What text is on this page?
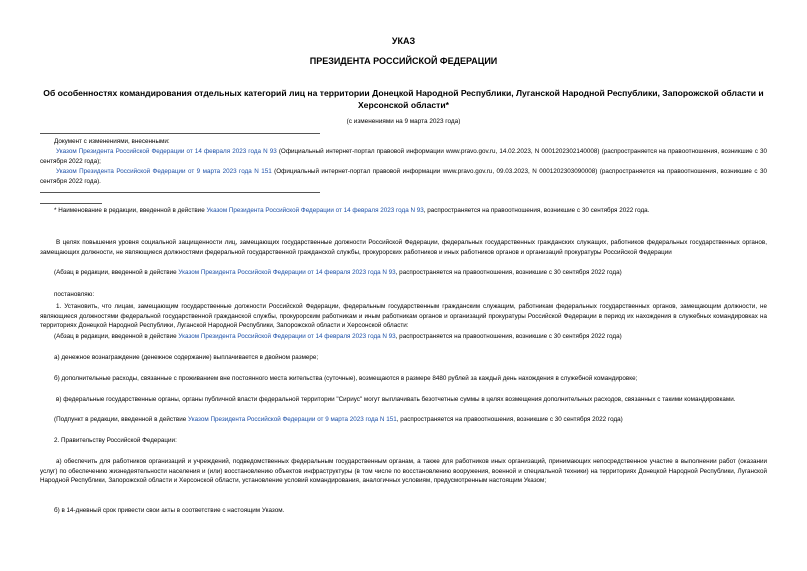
УКАЗ
ПРЕЗИДЕНТА РОССИЙСКОЙ ФЕДЕРАЦИИ
Об особенностях командирования отдельных категорий лиц на территории Донецкой Народной Республики, Луганской Народной Республики, Запорожской области и Херсонской области*
(с изменениями на 9 марта 2023 года)

Документ с изменениями, внесенными:

Указом Президента Российской Федерации от 14 февраля 2023 года N 93 (Официальный интернет-портал правовой информации www.pravo.gov.ru, 14.02.2023, N 0001202302140008) (распространяется на правоотношения, возникшие с 30 сентября 2022 года);

Указом Президента Российской Федерации от 9 марта 2023 года N 151 (Официальный интернет-портал правовой информации www.pravo.gov.ru, 09.03.2023, N 0001202303090008) (распространяется на правоотношения, возникшие с 30 сентября 2022 года).

* Наименование в редакции, введенной в действие Указом Президента Российской Федерации от 14 февраля 2023 года N 93, распространяется на правоотношения, возникшие с 30 сентября 2022 года.

В целях повышения уровня социальной защищенности лиц, замещающих государственные должности Российской Федерации, федеральных государственных гражданских служащих, работников федеральных государственных органов, замещающих должности, не являющиеся должностями федеральной государственной гражданской службы, прокурорских работников и иных работников органов и организаций прокуратуры Российской Федерации

(Абзац в редакции, введенной в действие Указом Президента Российской Федерации от 14 февраля 2023 года N 93, распространяется на правоотношения, возникшие с 30 сентября 2022 года)

постановляю:

1. Установить, что лицам, замещающим государственные должности Российской Федерации, федеральным государственным гражданским служащим, работникам федеральных государственных органов, замещающим должности, не являющиеся должностями федеральной государственной гражданской службы, прокурорским работникам и иным работникам органов и организаций прокуратуры Российской Федерации в период их нахождения в служебных командировках на территориях Донецкой Народной Республики, Луганской Народной Республики, Запорожской области и Херсонской области:

(Абзац в редакции, введенной в действие Указом Президента Российской Федерации от 14 февраля 2023 года N 93, распространяется на правоотношения, возникшие с 30 сентября 2022 года)

а) денежное вознаграждение (денежное содержание) выплачивается в двойном размере;

б) дополнительные расходы, связанные с проживанием вне постоянного места жительства (суточные), возмещаются в размере 8480 рублей за каждый день нахождения в служебной командировке;

в) федеральные государственные органы, органы публичной власти федеральной территории "Сириус" могут выплачивать безотчетные суммы в целях возмещения дополнительных расходов, связанных с такими командировками.

(Подпункт в редакции, введенной в действие Указом Президента Российской Федерации от 9 марта 2023 года N 151, распространяется на правоотношения, возникшие с 30 сентября 2022 года)

2. Правительству Российской Федерации:

а) обеспечить для работников организаций и учреждений, подведомственных федеральным государственным органам, а также для работников иных организаций, принимающих непосредственное участие в выполнении работ (оказании услуг) по обеспечению жизнедеятельности населения и (или) восстановлению объектов инфраструктуры (в том числе по восстановлению вооружения, военной и специальной техники) на территориях Донецкой Народной Республики, Луганской Народной Республики, Запорожской области и Херсонской области, установление условий командирования, аналогичных условиям, предусмотренным настоящим Указом;

б) в 14-дневный срок привести свои акты в соответствие с настоящим Указом.
